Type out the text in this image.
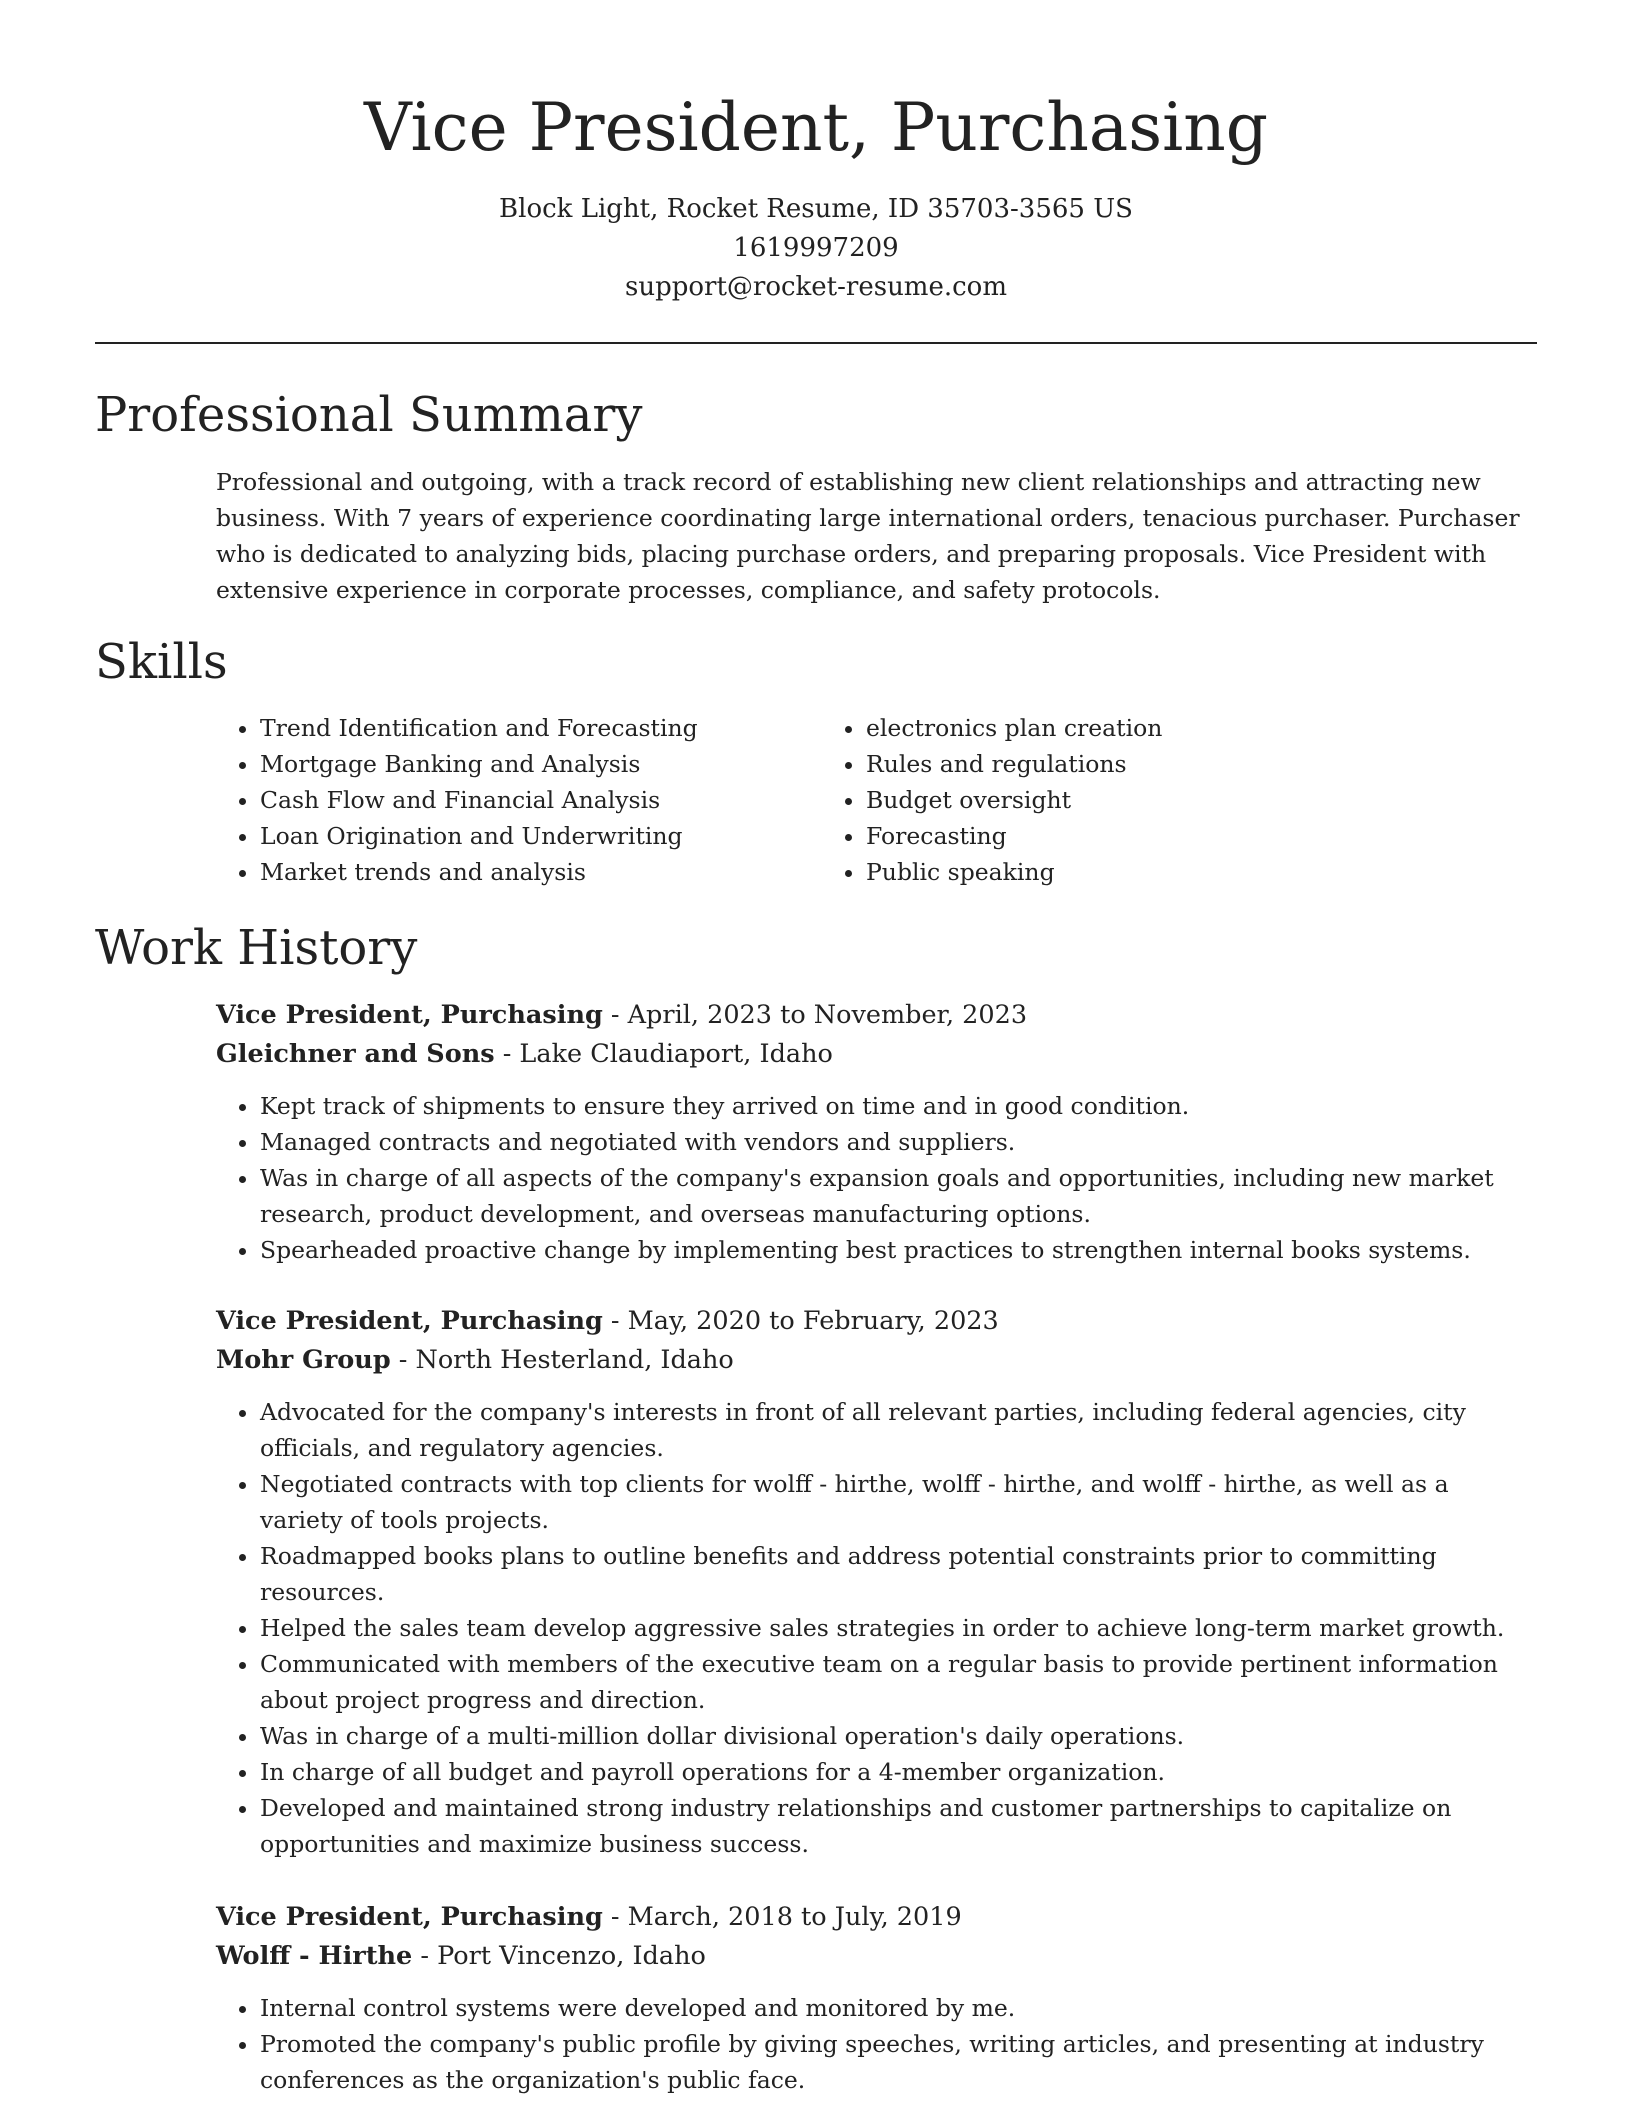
Vice President, Purchasing

Block Light, Rocket Resume, ID 35703-3565 US

1619997209

support@rocket-resume.com

Professional Summary

Professional and outgoing, with a track record of establishing new client relationships and attracting new business. With 7 years of experience coordinating large international orders, tenacious purchaser. Purchaser who is dedicated to analyzing bids, placing purchase orders, and preparing proposals. Vice President with extensive experience in corporate processes, compliance, and safety protocols.

Skills
• Trend Identification and Forecasting
• Mortgage Banking and Analysis
• Cash Flow and Financial Analysis
• Loan Origination and Underwriting
• Market trends and analysis
• electronics plan creation
• Rules and regulations
• Budget oversight
• Forecasting
• Public speaking
Work History

Vice President, Purchasing - April, 2023 to November, 2023

Gleichner and Sons - Lake Claudiaport, Idaho

• Kept track of shipments to ensure they arrived on time and in good condition.
• Managed contracts and negotiated with vendors and suppliers.
• Was in charge of all aspects of the company's expansion goals and opportunities, including new market research, product development, and overseas manufacturing options.
• Spearheaded proactive change by implementing best practices to strengthen internal books systems.

Vice President, Purchasing - May, 2020 to February, 2023

Mohr Group - North Hesterland, Idaho

• Advocated for the company's interests in front of all relevant parties, including federal agencies, city officials, and regulatory agencies.
• Negotiated contracts with top clients for wolff - hirthe, wolff - hirthe, and wolff - hirthe, as well as a variety of tools projects.
• Roadmapped books plans to outline benefits and address potential constraints prior to committing resources.
• Helped the sales team develop aggressive sales strategies in order to achieve long-term market growth.
• Communicated with members of the executive team on a regular basis to provide pertinent information about project progress and direction.
• Was in charge of a multi-million dollar divisional operation's daily operations.
• In charge of all budget and payroll operations for a 4-member organization.
• Developed and maintained strong industry relationships and customer partnerships to capitalize on opportunities and maximize business success.

Vice President, Purchasing - March, 2018 to July, 2019

Wolff - Hirthe - Port Vincenzo, Idaho

• Internal control systems were developed and monitored by me.
• Promoted the company's public profile by giving speeches, writing articles, and presenting at industry conferences as the organization's public face.
